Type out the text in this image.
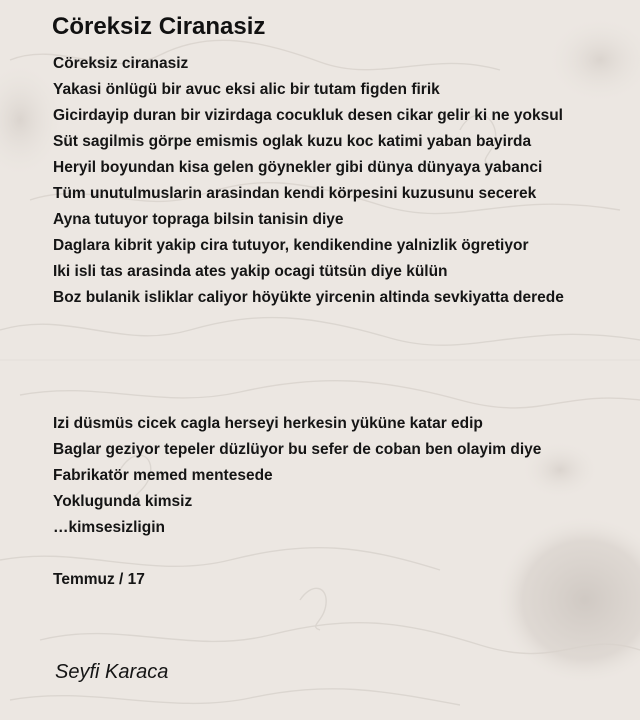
Cöreksiz Ciranasiz
Cöreksiz ciranasiz
Yakasi önlügü bir avuc eksi alic bir tutam figden firik
Gicirdayip duran bir vizirdaga cocukluk desen cikar gelir ki ne yoksul
Süt sagilmis görpe emismis oglak kuzu koc katimi yaban bayirda
Heryil boyundan kisa gelen göynekler gibi dünya dünyaya yabanci
Tüm unutulmuslarin arasindan kendi körpesini kuzusunu secerek
Ayna tutuyor topraga bilsin tanisin diye
Daglara kibrit yakip cira tutuyor, kendikendine yalnizlik ögretiyor
Iki isli tas arasinda ates yakip ocagi tütsün diye külün
Boz bulanik isliklar caliyor höyükte yircenin altinda sevkiyatta derede
Izi düsmüs cicek cagla herseyi herkesin yüküne katar edip
Baglar geziyor tepeler düzlüyor bu sefer de coban ben olayim diye
Fabrikatör memed mentesede
Yoklugunda kimsiz
…kimsesizligin
Temmuz / 17
Seyfi Karaca
